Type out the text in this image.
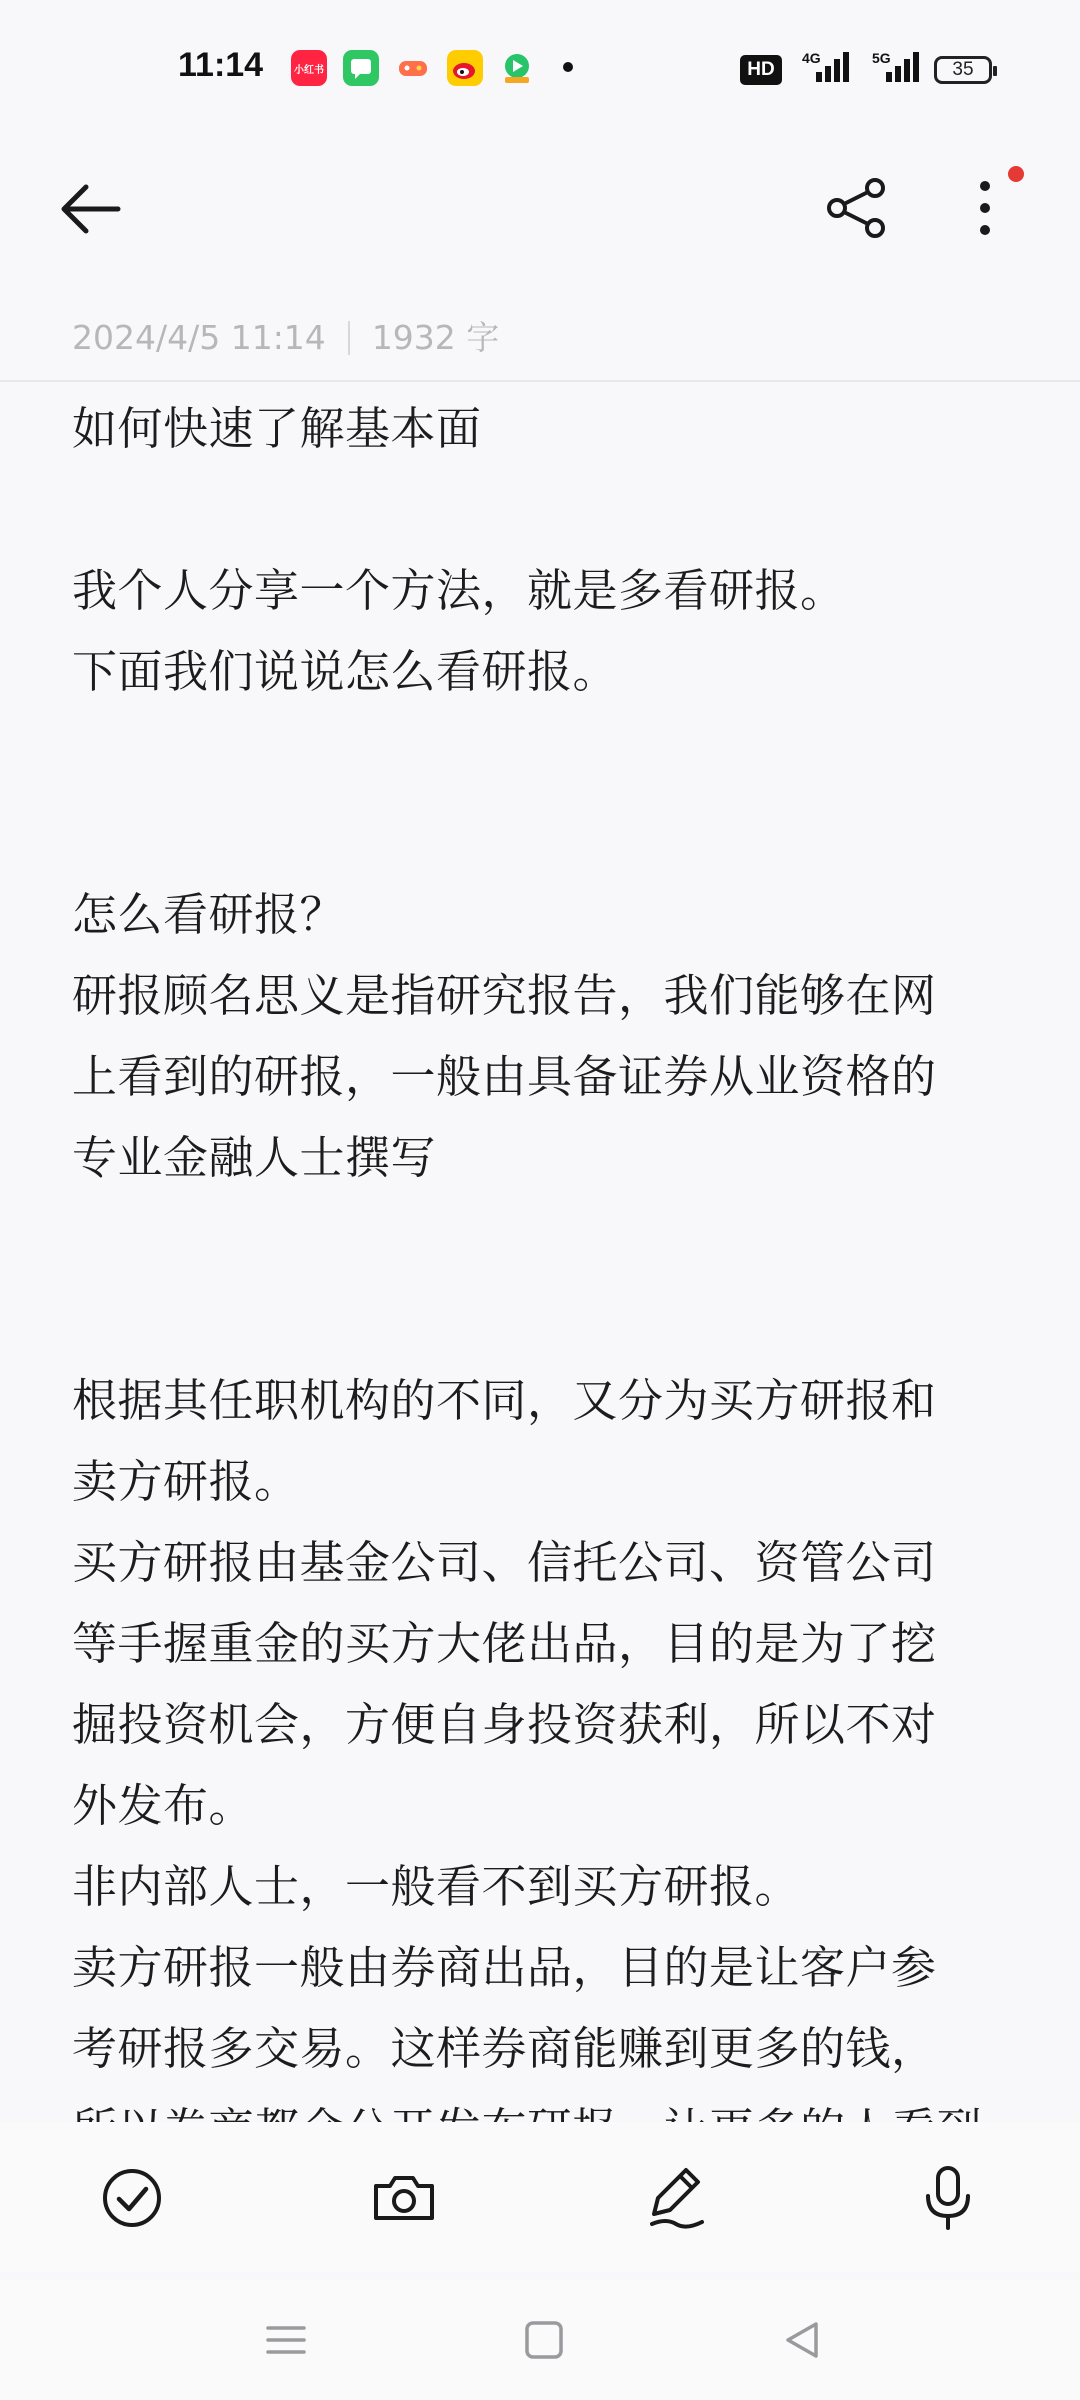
11:14	小红书	HD
4G	5G
35
2024/4/5 11:14 1932 字
如何快速了解基本面
我个人分享一个方法，就是多看研报。
下面我们说说怎么看研报。
怎么看研报？
研报顾名思义是指研究报告，我们能够在网
上看到的研报，一般由具备证券从业资格的
专业金融人士撰写
根据其任职机构的不同，又分为买方研报和
卖方研报。
买方研报由基金公司、信托公司、资管公司
等手握重金的买方大佬出品，目的是为了挖
掘投资机会，方便自身投资获利，所以不对
外发布。
非内部人士，一般看不到买方研报。
卖方研报一般由券商出品，目的是让客户参
考研报多交易。这样券商能赚到更多的钱，
